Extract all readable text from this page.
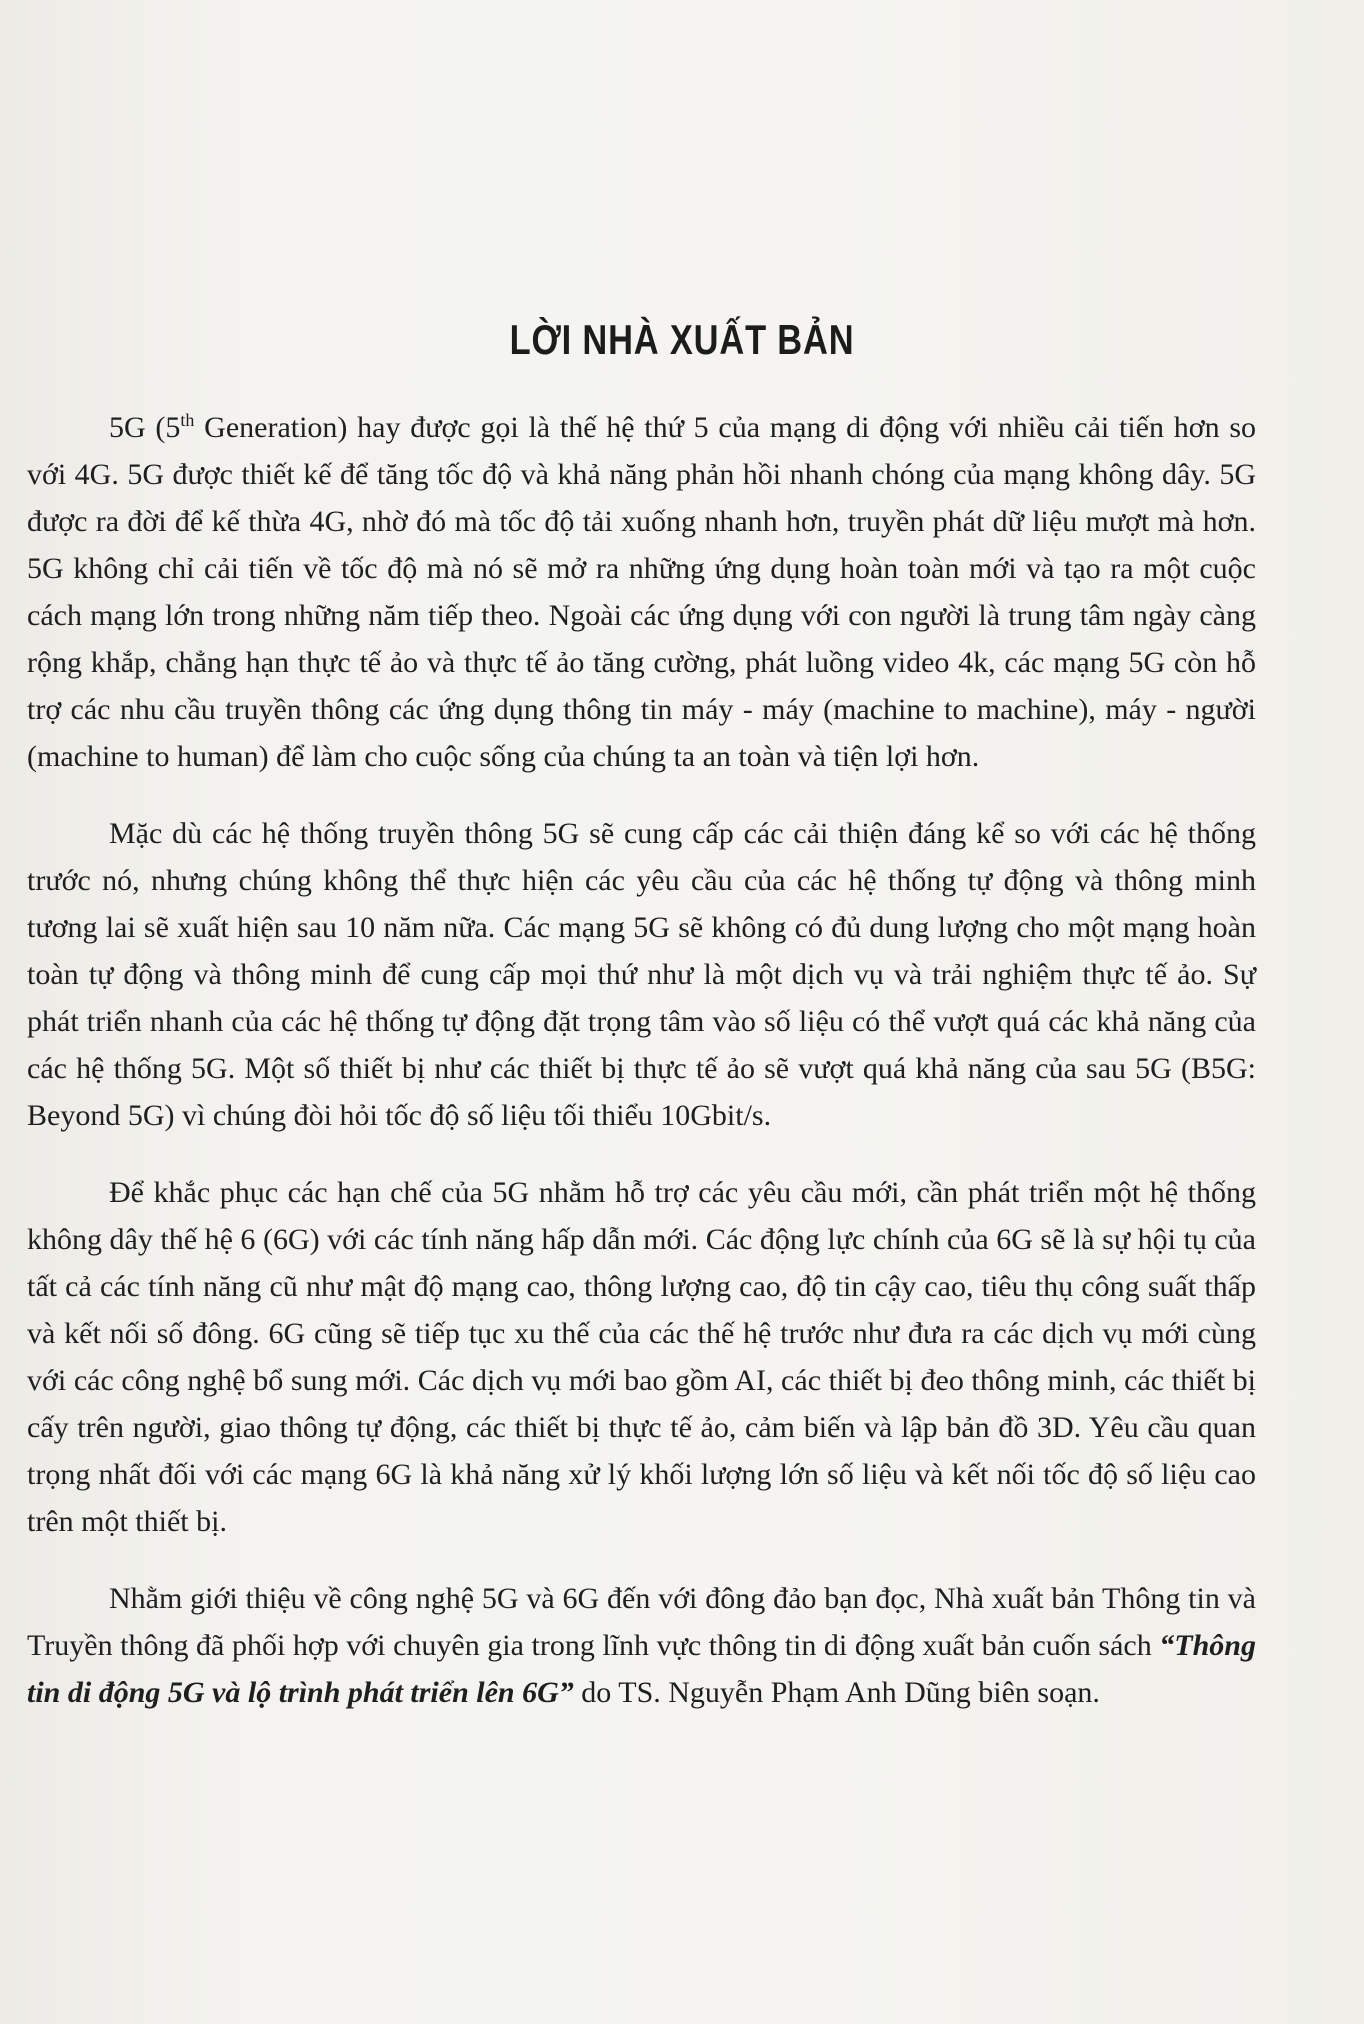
LỜI NHÀ XUẤT BẢN

5G (5th Generation) hay được gọi là thế hệ thứ 5 của mạng di động với nhiều cải tiến hơn so với 4G. 5G được thiết kế để tăng tốc độ và khả năng phản hồi nhanh chóng của mạng không dây. 5G được ra đời để kế thừa 4G, nhờ đó mà tốc độ tải xuống nhanh hơn, truyền phát dữ liệu mượt mà hơn. 5G không chỉ cải tiến về tốc độ mà nó sẽ mở ra những ứng dụng hoàn toàn mới và tạo ra một cuộc cách mạng lớn trong những năm tiếp theo. Ngoài các ứng dụng với con người là trung tâm ngày càng rộng khắp, chẳng hạn thực tế ảo và thực tế ảo tăng cường, phát luồng video 4k, các mạng 5G còn hỗ trợ các nhu cầu truyền thông các ứng dụng thông tin máy - máy (machine to machine), máy - người (machine to human) để làm cho cuộc sống của chúng ta an toàn và tiện lợi hơn.

Mặc dù các hệ thống truyền thông 5G sẽ cung cấp các cải thiện đáng kể so với các hệ thống trước nó, nhưng chúng không thể thực hiện các yêu cầu của các hệ thống tự động và thông minh tương lai sẽ xuất hiện sau 10 năm nữa. Các mạng 5G sẽ không có đủ dung lượng cho một mạng hoàn toàn tự động và thông minh để cung cấp mọi thứ như là một dịch vụ và trải nghiệm thực tế ảo. Sự phát triển nhanh của các hệ thống tự động đặt trọng tâm vào số liệu có thể vượt quá các khả năng của các hệ thống 5G. Một số thiết bị như các thiết bị thực tế ảo sẽ vượt quá khả năng của sau 5G (B5G: Beyond 5G) vì chúng đòi hỏi tốc độ số liệu tối thiểu 10Gbit/s.

Để khắc phục các hạn chế của 5G nhằm hỗ trợ các yêu cầu mới, cần phát triển một hệ thống không dây thế hệ 6 (6G) với các tính năng hấp dẫn mới. Các động lực chính của 6G sẽ là sự hội tụ của tất cả các tính năng cũ như mật độ mạng cao, thông lượng cao, độ tin cậy cao, tiêu thụ công suất thấp và kết nối số đông. 6G cũng sẽ tiếp tục xu thế của các thế hệ trước như đưa ra các dịch vụ mới cùng với các công nghệ bổ sung mới. Các dịch vụ mới bao gồm AI, các thiết bị đeo thông minh, các thiết bị cấy trên người, giao thông tự động, các thiết bị thực tế ảo, cảm biến và lập bản đồ 3D. Yêu cầu quan trọng nhất đối với các mạng 6G là khả năng xử lý khối lượng lớn số liệu và kết nối tốc độ số liệu cao trên một thiết bị.

Nhằm giới thiệu về công nghệ 5G và 6G đến với đông đảo bạn đọc, Nhà xuất bản Thông tin và Truyền thông đã phối hợp với chuyên gia trong lĩnh vực thông tin di động xuất bản cuốn sách “Thông tin di động 5G và lộ trình phát triển lên 6G” do TS. Nguyễn Phạm Anh Dũng biên soạn.
